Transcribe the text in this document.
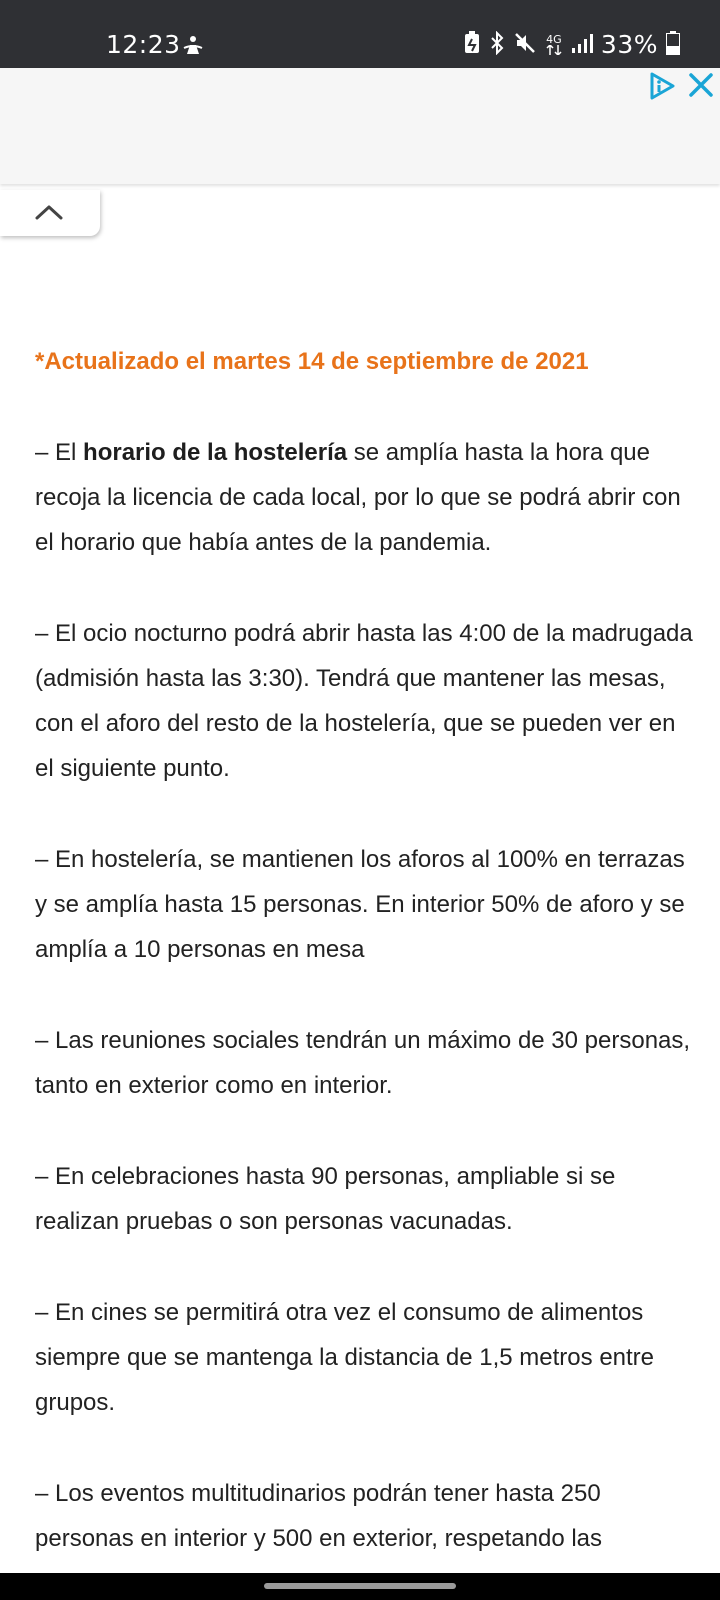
12:23	4G 33%
*Actualizado el martes 14 de septiembre de 2021

– El horario de la hostelería se amplía hasta la hora que recoja la licencia de cada local, por lo que se podrá abrir con el horario que había antes de la pandemia.

– El ocio nocturno podrá abrir hasta las 4:00 de la madrugada (admisión hasta las 3:30). Tendrá que mantener las mesas, con el aforo del resto de la hostelería, que se pueden ver en el siguiente punto.

– En hostelería, se mantienen los aforos al 100% en terrazas y se amplía hasta 15 personas. En interior 50% de aforo y se amplía a 10 personas en mesa

– Las reuniones sociales tendrán un máximo de 30 personas, tanto en exterior como en interior.

– En celebraciones hasta 90 personas, ampliable si se realizan pruebas o son personas vacunadas.

– En cines se permitirá otra vez el consumo de alimentos siempre que se mantenga la distancia de 1,5 metros entre grupos.

– Los eventos multitudinarios podrán tener hasta 250 personas en interior y 500 en exterior, respetando las
